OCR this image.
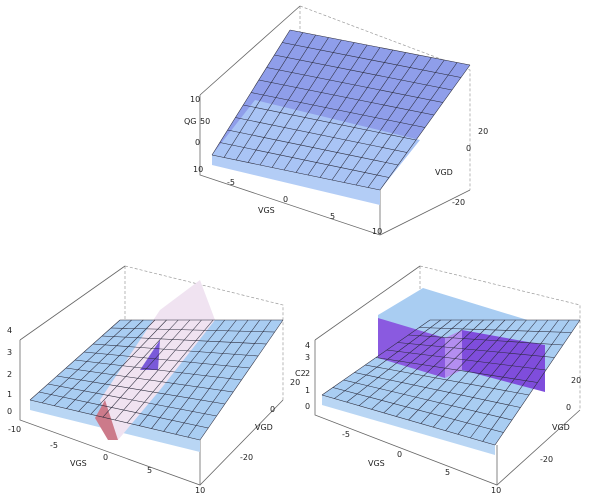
10
QG 50
0
10
-5
0
5
10
VGS
20
0
-20
VGD
4
3
2
1
0
-10
-5
0
5
10
VGS
20
0
-20
VGD
4
3
C2 2
1
0
-5
0
5
10
VGS
20
0
-20
VGD
